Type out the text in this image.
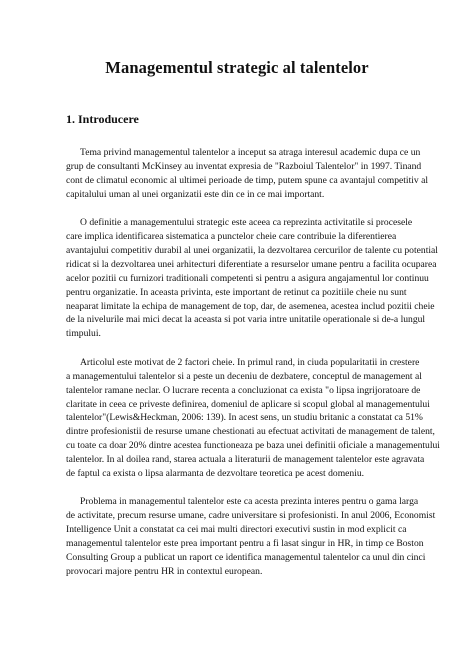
Managementul strategic al talentelor
1. Introducere

Tema privind managementul talentelor a inceput sa atraga interesul academic dupa ce un
grup de consultanti McKinsey au inventat expresia de "Razboiul Talentelor" in 1997. Tinand
cont de climatul economic al ultimei perioade de timp, putem spune ca avantajul competitiv al
capitalului uman al unei organizatii este din ce in ce mai important.

O definitie a managementului strategic este aceea ca reprezinta activitatile si procesele
care implica identificarea sistematica a punctelor cheie care contribuie la diferentierea
avantajului competitiv durabil al unei organizatii, la dezvoltarea cercurilor de talente cu potential
ridicat si la dezvoltarea unei arhitecturi diferentiate a resurselor umane pentru a facilita ocuparea
acelor pozitii cu furnizori traditionali competenti si pentru a asigura angajamentul lor continuu
pentru organizatie. In aceasta privinta, este important de retinut ca pozitiile cheie nu sunt
neaparat limitate la echipa de management de top, dar, de asemenea, acestea includ pozitii cheie
de la nivelurile mai mici decat la aceasta si pot varia intre unitatile operationale si de-a lungul
timpului.

Articolul este motivat de 2 factori cheie. In primul rand, in ciuda popularitatii in crestere
a managementului talentelor si a peste un deceniu de dezbatere, conceptul de management al
talentelor ramane neclar. O lucrare recenta a concluzionat ca exista "o lipsa ingrijoratoare de
claritate in ceea ce priveste definirea, domeniul de aplicare si scopul global al managementului
talentelor"(Lewis&Heckman, 2006: 139). In acest sens, un studiu britanic a constatat ca 51%
dintre profesionistii de resurse umane chestionati au efectuat activitati de management de talent,
cu toate ca doar 20% dintre acestea functioneaza pe baza unei definitii oficiale a managementului
talentelor. In al doilea rand, starea actuala a literaturii de management talentelor este agravata
de faptul ca exista o lipsa alarmanta de dezvoltare teoretica pe acest domeniu.

Problema in managementul talentelor este ca acesta prezinta interes pentru o gama larga
de activitate, precum resurse umane, cadre universitare si profesionisti. In anul 2006, Economist
Intelligence Unit a constatat ca cei mai multi directori executivi sustin in mod explicit ca
managementul talentelor este prea important pentru a fi lasat singur in HR, in timp ce Boston
Consulting Group a publicat un raport ce identifica managementul talentelor ca unul din cinci
provocari majore pentru HR in contextul european.
